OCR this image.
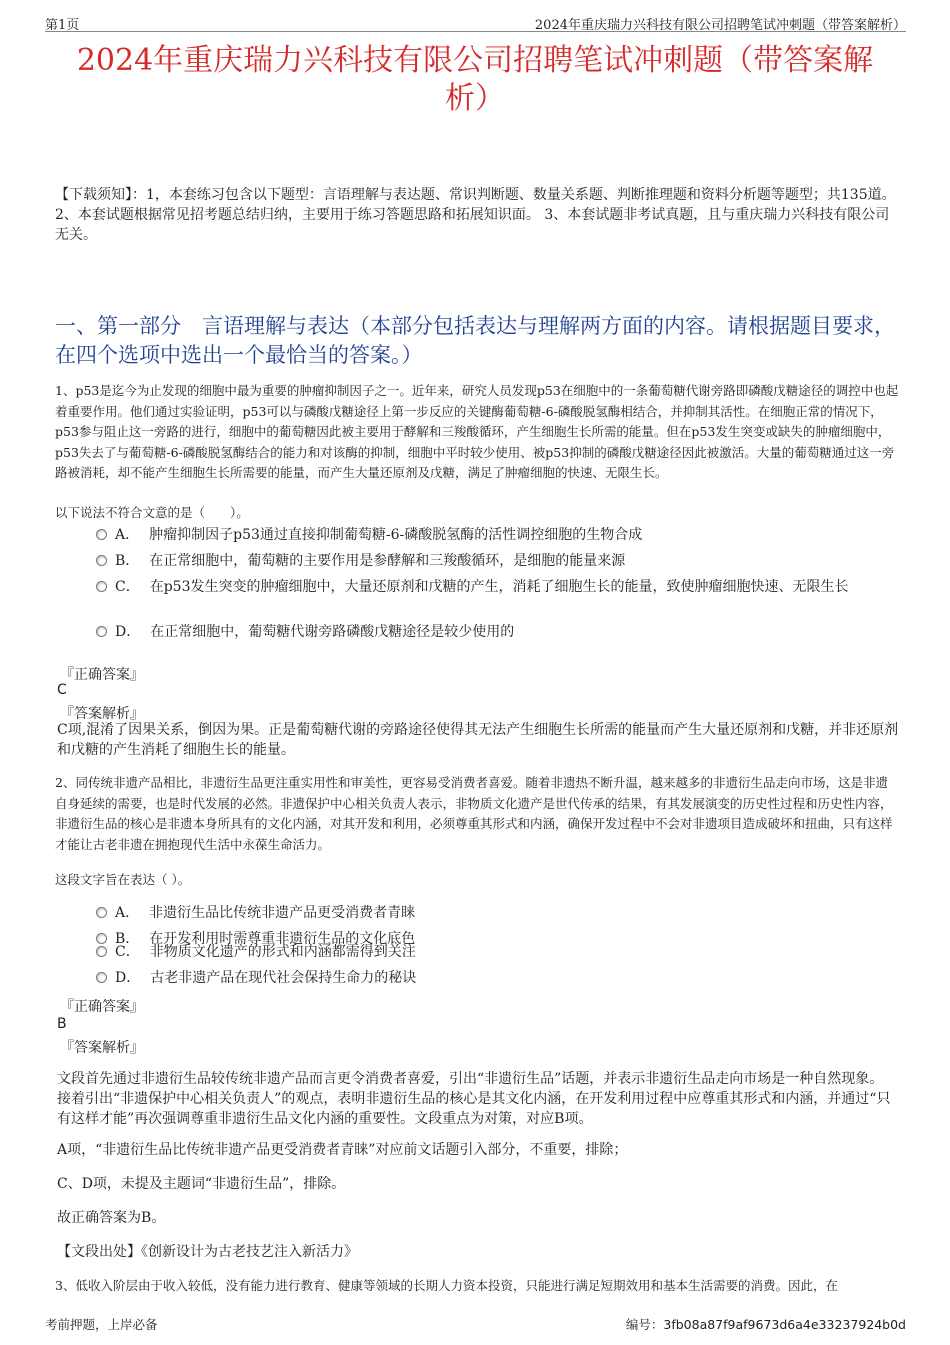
第1页	2024年重庆瑞力兴科技有限公司招聘笔试冲刺题（带答案解析）
2024年重庆瑞力兴科技有限公司招聘笔试冲刺题（带答案解
析）
【下载须知】：1，本套练习包含以下题型：言语理解与表达题、常识判断题、数量关系题、判断推理题和资料分析题等题型；共135道。 2、本套试题根据常见招考题总结归纳，主要用于练习答题思路和拓展知识面。 3、本套试题非考试真题，且与重庆瑞力兴科技有限公司无关。
一、第一部分　言语理解与表达（本部分包括表达与理解两方面的内容。请根据题目要求，在四个选项中选出一个最恰当的答案。）
1、p53是迄今为止发现的细胞中最为重要的肿瘤抑制因子之一。近年来，研究人员发现p53在细胞中的一条葡萄糖代谢旁路即磷酸戊糖途径的调控中也起着重要作用。他们通过实验证明，p53可以与磷酸戊糖途径上第一步反应的关键酶葡萄糖-6-磷酸脱氢酶相结合，并抑制其活性。在细胞正常的情况下，p53参与阻止这一旁路的进行，细胞中的葡萄糖因此被主要用于酵解和三羧酸循环，产生细胞生长所需的能量。但在p53发生突变或缺失的肿瘤细胞中，p53失去了与葡萄糖-6-磷酸脱氢酶结合的能力和对该酶的抑制，细胞中平时较少使用、被p53抑制的磷酸戊糖途径因此被激活。大量的葡萄糖通过这一旁路被消耗，却不能产生细胞生长所需要的能量，而产生大量还原剂及戊糖，满足了肿瘤细胞的快速、无限生长。
以下说法不符合文意的是（　　）。
A． 肿瘤抑制因子p53通过直接抑制葡萄糖-6-磷酸脱氢酶的活性调控细胞的生物合成
B． 在正常细胞中，葡萄糖的主要作用是参酵解和三羧酸循环，是细胞的能量来源
C． 在p53发生突变的肿瘤细胞中，大量还原剂和戊糖的产生，消耗了细胞生长的能量，致使肿瘤细胞快速、无限生长
D． 在正常细胞中，葡萄糖代谢旁路磷酸戊糖途径是较少使用的
『正确答案』
C
『答案解析』
C项,混淆了因果关系，倒因为果。正是葡萄糖代谢的旁路途径使得其无法产生细胞生长所需的能量而产生大量还原剂和戊糖，并非还原剂和戊糖的产生消耗了细胞生长的能量。
2、同传统非遗产品相比，非遗衍生品更注重实用性和审美性，更容易受消费者喜爱。随着非遗热不断升温，越来越多的非遗衍生品走向市场，这是非遗自身延续的需要，也是时代发展的必然。非遗保护中心相关负责人表示，非物质文化遗产是世代传承的结果，有其发展演变的历史性过程和历史性内容，非遗衍生品的核心是非遗本身所具有的文化内涵，对其开发和利用，必须尊重其形式和内涵，确保开发过程中不会对非遗项目造成破坏和扭曲，只有这样才能让古老非遗在拥抱现代生活中永葆生命活力。
这段文字旨在表达（ ）。
A． 非遗衍生品比传统非遗产品更受消费者青睐
B． 在开发利用时需尊重非遗衍生品的文化底色
C． 非物质文化遗产的形式和内涵都需得到关注
D． 古老非遗产品在现代社会保持生命力的秘诀
『正确答案』
B
『答案解析』
文段首先通过非遗衍生品较传统非遗产品而言更令消费者喜爱，引出“非遗衍生品”话题，并表示非遗衍生品走向市场是一种自然现象。接着引出“非遗保护中心相关负责人”的观点，表明非遗衍生品的核心是其文化内涵，在开发利用过程中应尊重其形式和内涵，并通过“只有这样才能”再次强调尊重非遗衍生品文化内涵的重要性。文段重点为对策，对应B项。
A项，“非遗衍生品比传统非遗产品更受消费者青睐”对应前文话题引入部分，不重要，排除；
C、D项，未提及主题词“非遗衍生品”，排除。
故正确答案为B。
【文段出处】《创新设计为古老技艺注入新活力》
3、低收入阶层由于收入较低，没有能力进行教育、健康等领域的长期人力资本投资，只能进行满足短期效用和基本生活需要的消费。因此，在
考前押题，上岸必备	编号：3fb08a87f9af9673d6a4e33237924b0d
